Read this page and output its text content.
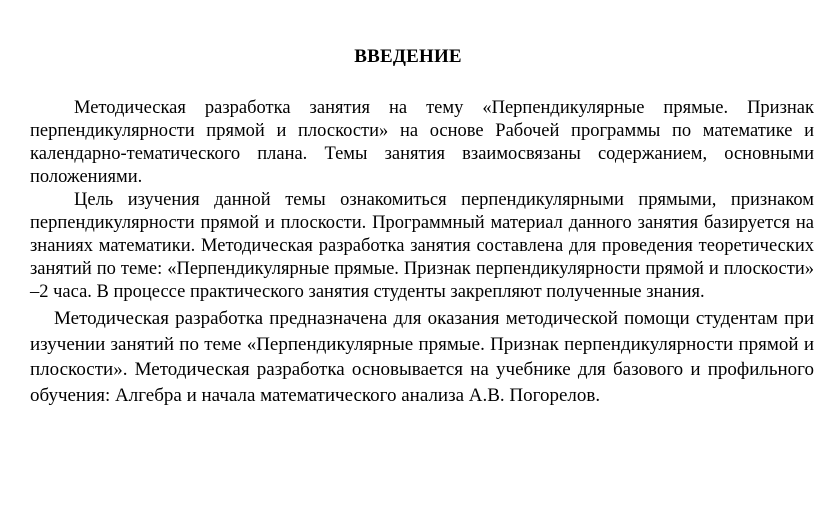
ВВЕДЕНИЕ

Методическая разработка занятия на тему «Перпендикулярные прямые. Признак перпендикулярности прямой и плоскости» на основе Рабочей программы по математике и календарно-тематического плана. Темы занятия взаимосвязаны содержанием, основными положениями.

Цель изучения данной темы ознакомиться перпендикулярными прямыми, признаком перпендикулярности прямой и плоскости. Программный материал данного занятия базируется на знаниях математики. Методическая разработка занятия составлена для проведения теоретических занятий по теме: «Перпендикулярные прямые. Признак перпендикулярности прямой и плоскости» –2 часа. В процессе практического занятия студенты закрепляют полученные знания.

Методическая разработка предназначена для оказания методической помощи студентам при изучении занятий по теме «Перпендикулярные прямые. Признак перпендикулярности прямой и плоскости». Методическая разработка основывается на учебнике для базового и профильного обучения: Алгебра и начала математического анализа А.В. Погорелов.
